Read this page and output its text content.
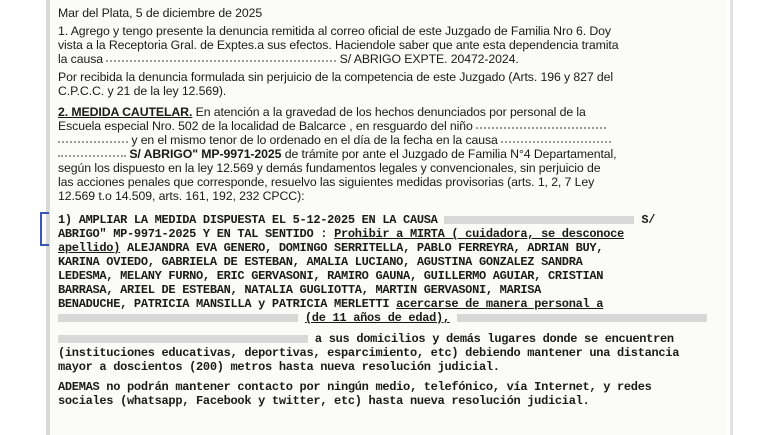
Mar del Plata, 5 de diciembre de 2025
1. Agrego y tengo presente la denuncia remitida al correo oficial de este Juzgado de Familia Nro 6. Doy
vista a la Receptoria Gral. de Exptes.a sus efectos. Haciendole saber que ante esta dependencia tramita
la causa	S/ ABRIGO EXPTE. 20472-2024.
Por recibida la denuncia formulada sin perjuicio de la competencia de este Juzgado (Arts. 196 y 827 del
C.P.C.C. y 21 de la ley 12.569).
2. MEDIDA CAUTELAR. En atención a la gravedad de los hechos denunciados por personal de la
Escuela especial Nro. 502 de la localidad de Balcarce , en resguardo del niño
y en el mismo tenor de lo ordenado en el día de la fecha en la causa
S/ ABRIGO" MP-9971-2025 de trámite por ante el Juzgado de Familia N°4 Departamental,
según los dispuesto en la ley 12.569 y demás fundamentos legales y convencionales, sin perjuicio de
las acciones penales que corresponde, resuelvo las siguientes medidas provisorias (arts. 1, 2, 7 Ley
12.569 t.o 14.509, arts. 161, 192, 232 CPCC):
1) AMPLIAR LA MEDIDA DISPUESTA EL 5-12-2025 EN LA CAUSA	S/
ABRIGO" MP-9971-2025 Y EN TAL SENTIDO : Prohibir a MIRTA ( cuidadora, se desconoce
apellido) ALEJANDRA EVA GENERO, DOMINGO SERRITELLA, PABLO FERREYRA, ADRIAN BUY,
KARINA OVIEDO, GABRIELA DE ESTEBAN, AMALIA LUCIANO, AGUSTINA GONZALEZ SANDRA
LEDESMA, MELANY FURNO, ERIC GERVASONI, RAMIRO GAUNA, GUILLERMO AGUIAR, CRISTIAN
BARRASA, ARIEL DE ESTEBAN, NATALIA GUGLIOTTA, MARTIN GERVASONI, MARISA
BENADUCHE, PATRICIA MANSILLA y PATRICIA MERLETTI acercarse de manera personal a
(de 11 años de edad),
a sus domicilios y demás lugares donde se encuentren
(instituciones educativas, deportivas, esparcimiento, etc) debiendo mantener una distancia
mayor a doscientos (200) metros hasta nueva resolución judicial.
ADEMAS no podrán mantener contacto por ningún medio, telefónico, vía Internet, y redes
sociales (whatsapp, Facebook y twitter, etc) hasta nueva resolución judicial.
